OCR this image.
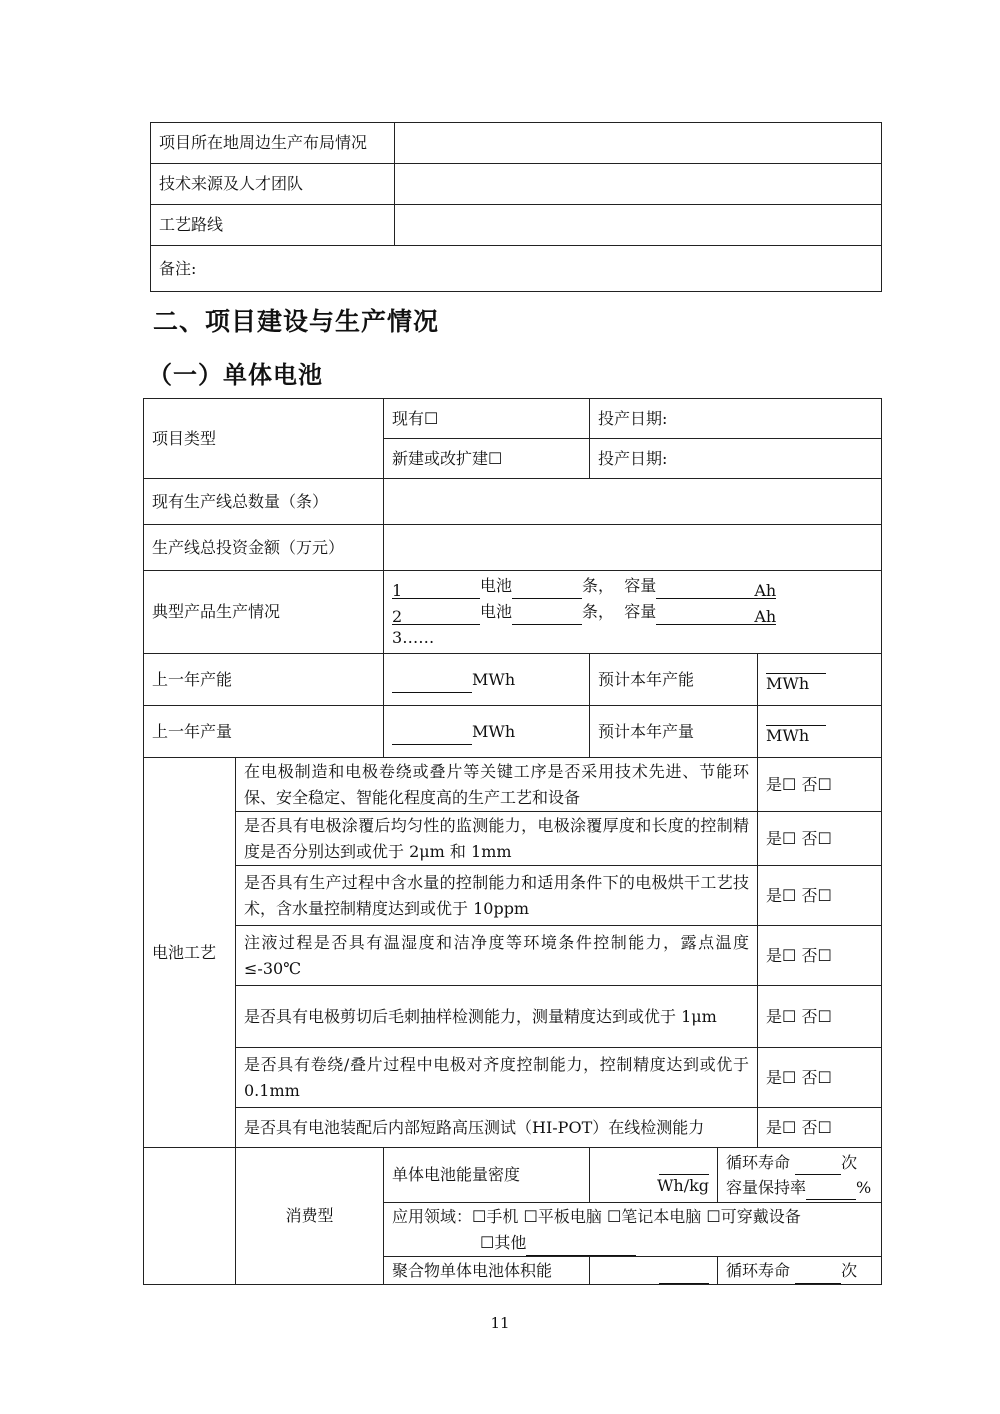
项目所在地周边生产布局情况	
技术来源及人才团队	
工艺路线	
备注:	
二、项目建设与生产情况
（一）单体电池
项目类型		现有☐	投产日期:		
		新建或改扩建☐	投产日期:		
现有生产线总数量（条）					
生产线总投资金额（万元）					
典型产品生产情况		1 电池 条， 容量 Ah
2 电池 条， 容量 Ah
3……			

上一年产能		MWh	预计本年产能		MWh
上一年产量		MWh	预计本年产量		MWh
电池工艺	在电极制造和电极卷绕或叠片等关键工序是否采用技术先进、节能环保、安全稳定、智能化程度高的生产工艺和设备				是☐ 否☐
	是否具有电极涂覆后均匀性的监测能力，电极涂覆厚度和长度的控制精度是否分别达到或优于 2μm 和 1mm				是☐ 否☐
	是否具有生产过程中含水量的控制能力和适用条件下的电极烘干工艺技术，含水量控制精度达到或优于 10ppm				是☐ 否☐
	注液过程是否具有温湿度和洁净度等环境条件控制能力，露点温度≤-30℃				是☐ 否☐
	是否具有电极剪切后毛刺抽样检测能力，测量精度达到或优于 1μm				是☐ 否☐
	是否具有卷绕/叠片过程中电极对齐度控制能力，控制精度达到或优于 0.1mm				是☐ 否☐
	是否具有电池装配后内部短路高压测试（HI-POT）在线检测能力				是☐ 否☐
	消费型	单体电池能量密度	Wh/kg	循环寿命 次
容量保持率 %	

		应用领域：☐手机 ☐平板电脑 ☐笔记本电脑 ☐可穿戴设备
☐其他			

		聚合物单体电池体积能		循环寿命 次	
11
